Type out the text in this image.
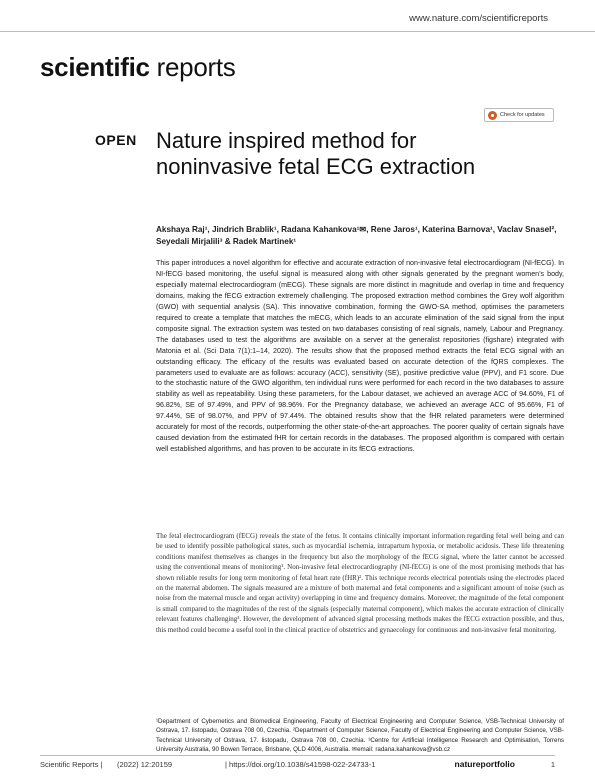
www.nature.com/scientificreports
scientific reports
Check for updates
OPEN Nature inspired method for noninvasive fetal ECG extraction
Akshaya Raj¹, Jindrich Brablik¹, Radana Kahankova¹✉, Rene Jaros¹, Katerina Barnova¹, Vaclav Snasel², Seyedali Mirjalili³ & Radek Martinek¹

This paper introduces a novel algorithm for effective and accurate extraction of non-invasive fetal electrocardiogram (NI-fECG). In NI-fECG based monitoring, the useful signal is measured along with other signals generated by the pregnant women’s body, especially maternal electrocardiogram (mECG). These signals are more distinct in magnitude and overlap in time and frequency domains, making the fECG extraction extremely challenging. The proposed extraction method combines the Grey wolf algorithm (GWO) with sequential analysis (SA). This innovative combination, forming the GWO-SA method, optimises the parameters required to create a template that matches the mECG, which leads to an accurate elimination of the said signal from the input composite signal. The extraction system was tested on two databases consisting of real signals, namely, Labour and Pregnancy. The databases used to test the algorithms are available on a server at the generalist repositories (figshare) integrated with Matonia et al. (Sci Data 7(1):1–14, 2020). The results show that the proposed method extracts the fetal ECG signal with an outstanding efficacy. The efficacy of the results was evaluated based on accurate detection of the fQRS complexes. The parameters used to evaluate are as follows: accuracy (ACC), sensitivity (SE), positive predictive value (PPV), and F1 score. Due to the stochastic nature of the GWO algorithm, ten individual runs were performed for each record in the two databases to assure stability as well as repeatability. Using these parameters, for the Labour dataset, we achieved an average ACC of 94.60%, F1 of 96.82%, SE of 97.49%, and PPV of 98.96%. For the Pregnancy database, we achieved an average ACC of 95.66%, F1 of 97.44%, SE of 98.07%, and PPV of 97.44%. The obtained results show that the fHR related parameters were determined accurately for most of the records, outperforming the other state-of-the-art approaches. The poorer quality of certain signals have caused deviation from the estimated fHR for certain records in the databases. The proposed algorithm is compared with certain well established algorithms, and has proven to be accurate in its fECG extractions.

The fetal electrocardiogram (fECG) reveals the state of the fetus. It contains clinically important information regarding fetal well being and can be used to identify possible pathological states, such as myocardial ischemia, intrapartum hypoxia, or metabolic acidosis. These life threatening conditions manifest themselves as changes in the frequency but also the morphology of the fECG signal, where the latter cannot be accessed using the conventional means of monitoring¹. Non-invasive fetal electrocardiography (NI-fECG) is one of the most promising methods that has shown reliable results for long term monitoring of fetal heart rate (fHR)². This technique records electrical potentials using the electrodes placed on the maternal abdomen. The signals measured are a mixture of both maternal and fetal components and a significant amount of noise (such as noise from the maternal muscle and organ activity) overlapping in time and frequency domains. Moreover, the magnitude of the fetal component is small compared to the magnitudes of the rest of the signals (especially maternal component), which makes the accurate extraction of clinically relevant features challenging³. However, the development of advanced signal processing methods makes the fECG extraction possible, and thus, this method could become a useful tool in the clinical practice of obstetrics and gynaecology for continuous and non-invasive fetal monitoring.

¹Department of Cybernetics and Biomedical Engineering, Faculty of Electrical Engineering and Computer Science, VSB-Technical University of Ostrava, 17. listopadu, Ostrava 708 00, Czechia. ²Department of Computer Science, Faculty of Electrical Engineering and Computer Science, VSB-Technical University of Ostrava, 17. listopadu, Ostrava 708 00, Czechia. ³Centre for Artificial Intelligence Research and Optimisation, Torrens University Australia, 90 Bowen Terrace, Brisbane, QLD 4006, Australia. ✉email: radana.kahankova@vsb.cz

Scientific Reports | (2022) 12:20159	| https://doi.org/10.1038/s41598-022-24733-1	natureportfolio	1
